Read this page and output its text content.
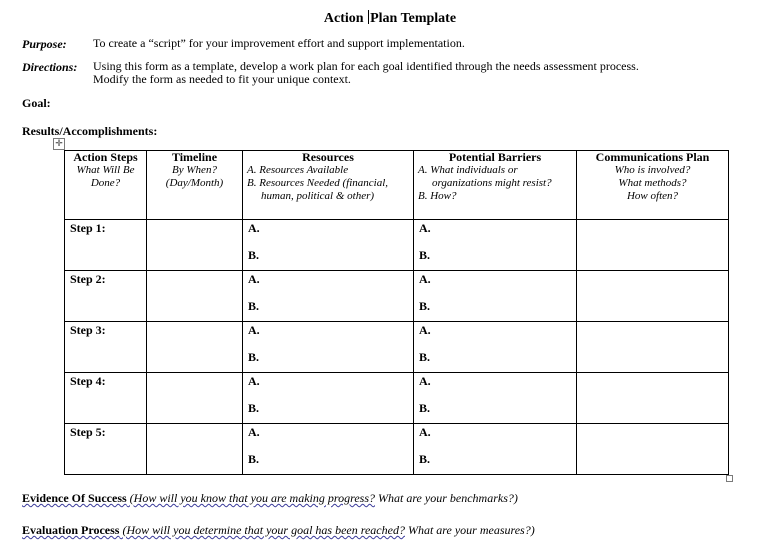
Action Plan Template
Purpose: To create a “script” for your improvement effort and support implementation.
Directions: Using this form as a template, develop a work plan for each goal identified through the needs assessment process.
Modify the form as needed to fit your unique context.
Goal:
Results/Accomplishments:
✛
Action Steps
What Will Be
Done?	Timeline
By When?
(Day/Month)	Resources
A. Resources Available
B. Resources Needed (financial, human, political & other)	Potential Barriers
A. What individuals or organizations might resist?
B. How?	Communications Plan
Who is involved?
What methods?
How often?

Step 1:		A.
B.	A.
B.	

Step 2:		A.
B.	A.
B.	

Step 3:		A.
B.	A.
B.	

Step 4:		A.
B.	A.
B.	

Step 5:		A.
B.	A.
B.	

Evidence Of Success (How will you know that you are making progress? What are your benchmarks?)
Evaluation Process (How will you determine that your goal has been reached? What are your measures?)
